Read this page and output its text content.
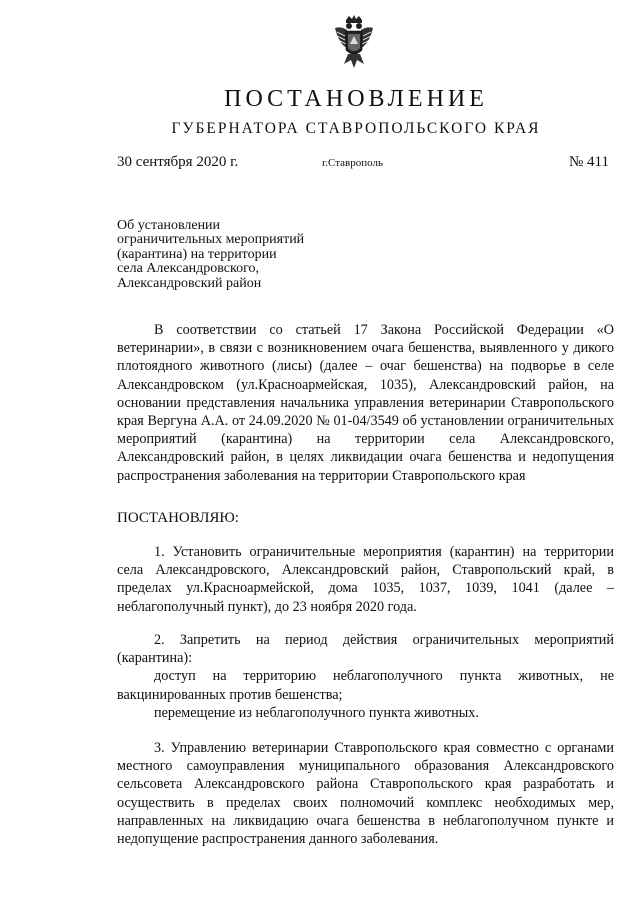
ПОСТАНОВЛЕНИЕ
ГУБЕРНАТОРА СТАВРОПОЛЬСКОГО КРАЯ
30 сентября 2020 г.	г.Ставрополь	№ 411
Об установлении
ограничительных мероприятий
(карантина) на территории
села Александровского,
Александровский район

В соответствии со статьей 17 Закона Российской Федерации «О ветеринарии», в связи с возникновением очага бешенства, выявленного у дикого плотоядного животного (лисы) (далее – очаг бешенства) на подворье в селе Александровском (ул.Красноармейская, 1035), Александровский район, на основании представления начальника управления ветеринарии Ставропольского края Вергуна А.А. от 24.09.2020 № 01-04/3549 об установлении ограничительных мероприятий (карантина) на территории села Александровского, Александровский район, в целях ликвидации очага бешенства и недопущения распространения заболевания на территории Ставропольского края

ПОСТАНОВЛЯЮ:

1. Установить ограничительные мероприятия (карантин) на территории села Александровского, Александровский район, Ставропольский край, в пределах ул.Красноармейской, дома 1035, 1037, 1039, 1041 (далее – неблагополучный пункт), до 23 ноября 2020 года.

2. Запретить на период действия ограничительных мероприятий (карантина):

доступ на территорию неблагополучного пункта животных, не вакцинированных против бешенства;

перемещение из неблагополучного пункта животных.

3. Управлению ветеринарии Ставропольского края совместно с органами местного самоуправления муниципального образования Александровского сельсовета Александровского района Ставропольского края разработать и осуществить в пределах своих полномочий комплекс необходимых мер, направленных на ликвидацию очага бешенства в неблагополучном пункте и недопущение распространения данного заболевания.
